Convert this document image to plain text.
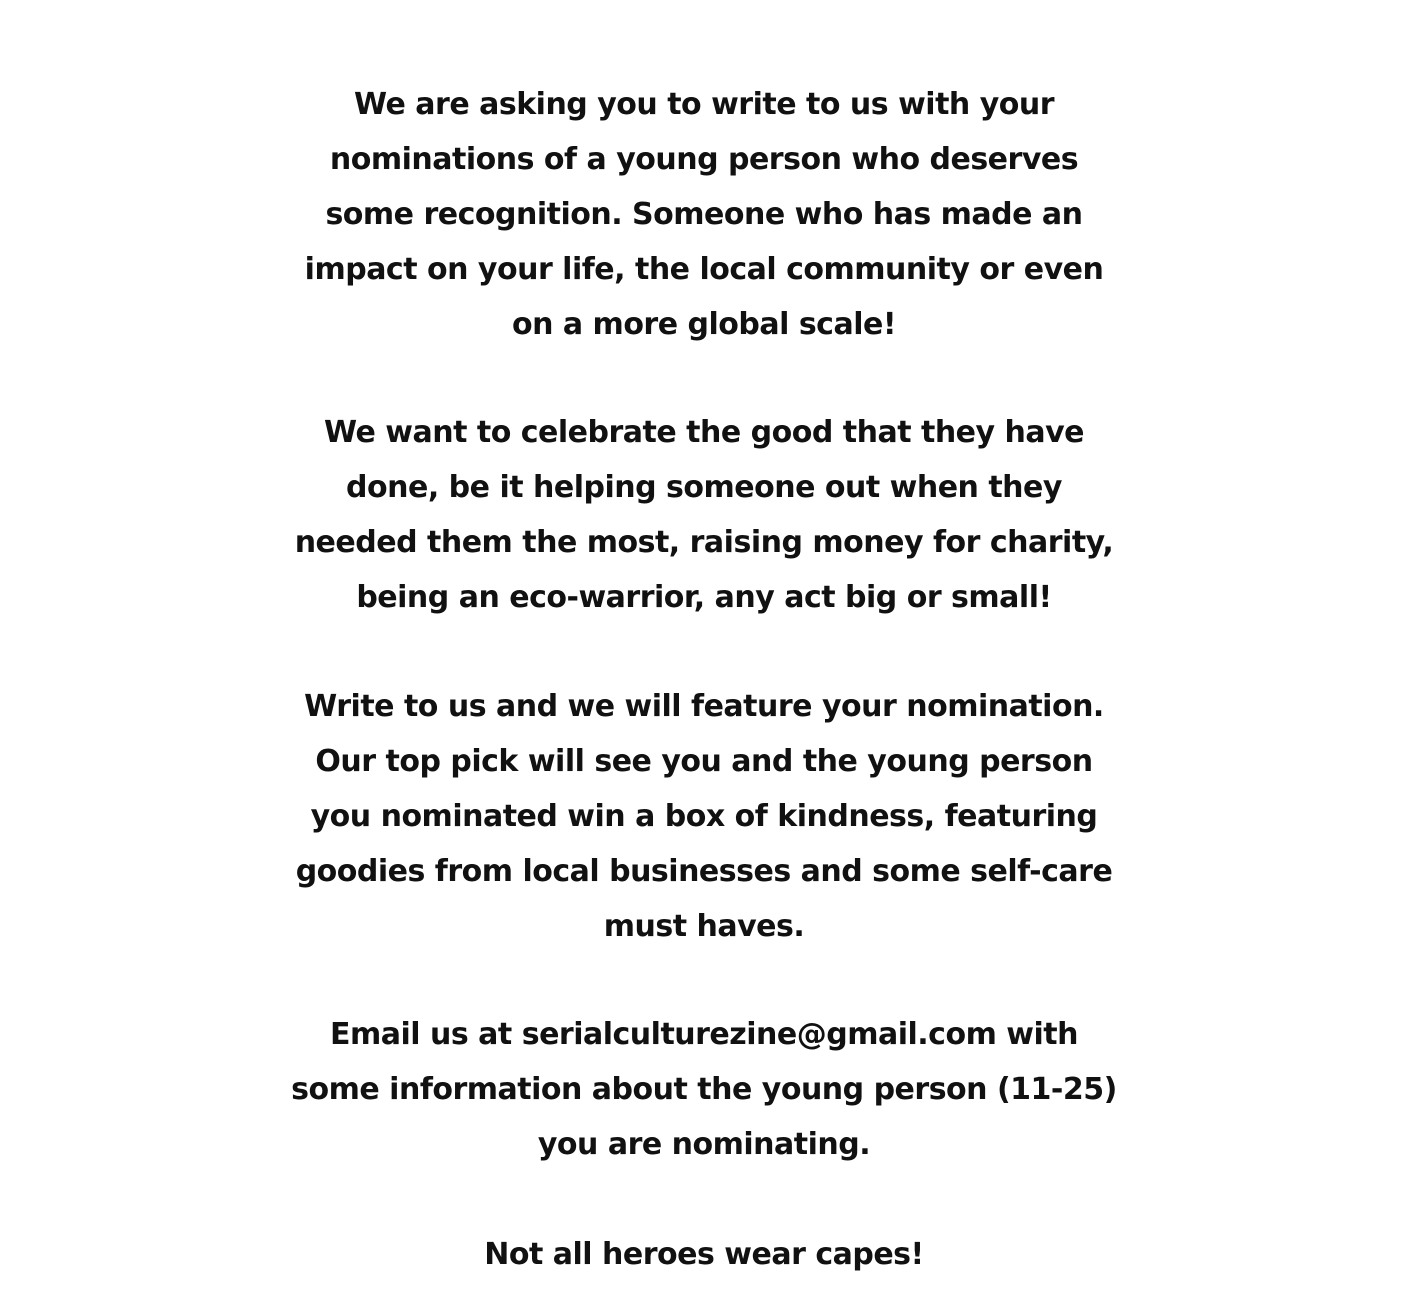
We are asking you to write to us with your
nominations of a young person who deserves
some recognition. Someone who has made an
impact on your life, the local community or even
on a more global scale!

We want to celebrate the good that they have
done, be it helping someone out when they
needed them the most, raising money for charity,
being an eco-warrior, any act big or small!

Write to us and we will feature your nomination.
Our top pick will see you and the young person
you nominated win a box of kindness, featuring
goodies from local businesses and some self-care
must haves.

Email us at serialculturezine@gmail.com with
some information about the young person (11-25)
you are nominating.

Not all heroes wear capes!
